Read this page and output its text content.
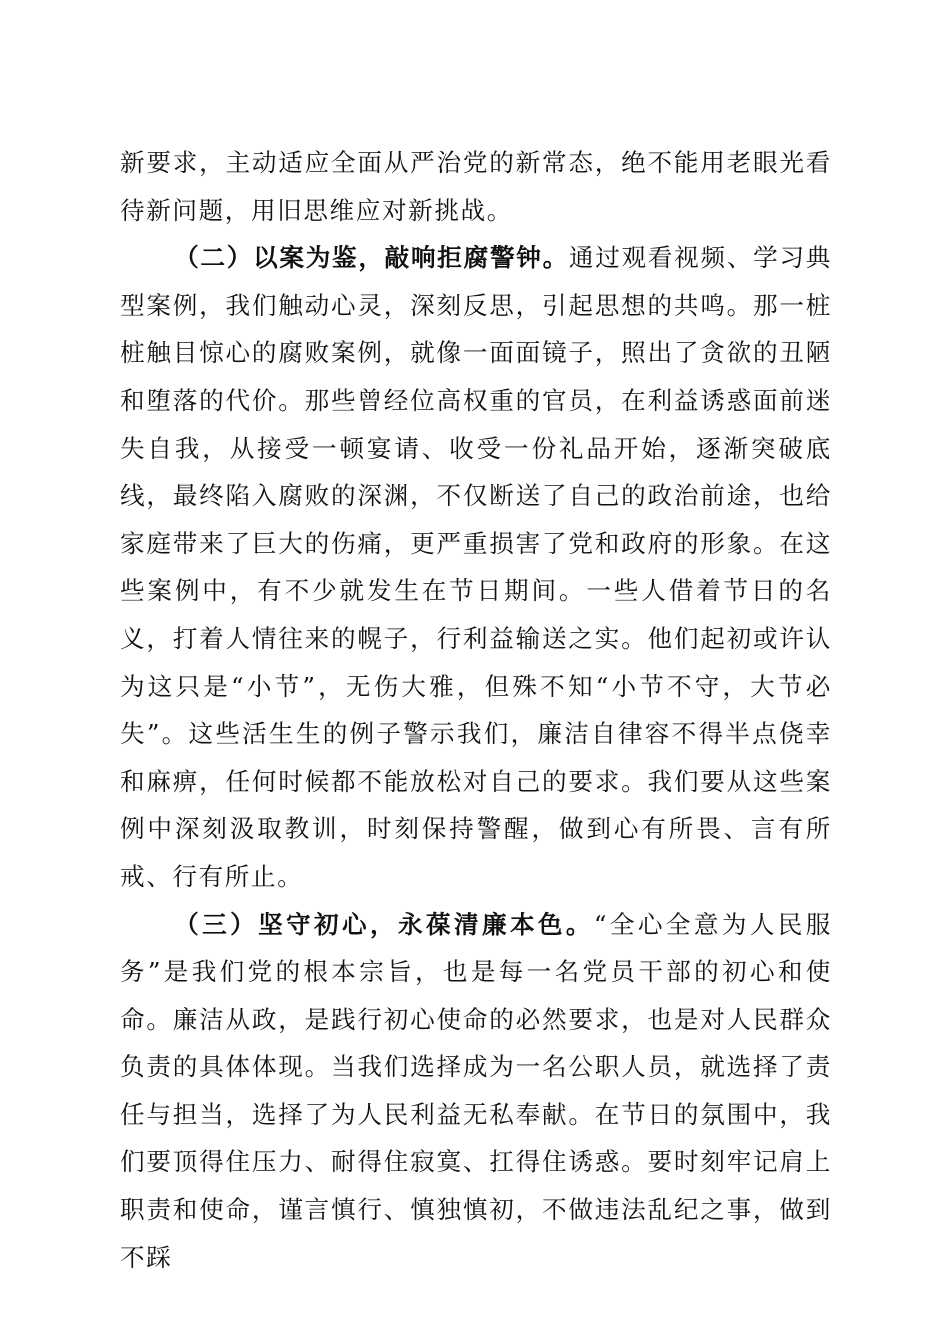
新要求，主动适应全面从严治党的新常态，绝不能用老眼光看待新问题，用旧思维应对新挑战。

（二）以案为鉴，敲响拒腐警钟。通过观看视频、学习典型案例，我们触动心灵，深刻反思，引起思想的共鸣。那一桩桩触目惊心的腐败案例，就像一面面镜子，照出了贪欲的丑陋和堕落的代价。那些曾经位高权重的官员，在利益诱惑面前迷失自我，从接受一顿宴请、收受一份礼品开始，逐渐突破底线，最终陷入腐败的深渊，不仅断送了自己的政治前途，也给家庭带来了巨大的伤痛，更严重损害了党和政府的形象。在这些案例中，有不少就发生在节日期间。一些人借着节日的名义，打着人情往来的幌子，行利益输送之实。他们起初或许认为这只是“小节”，无伤大雅，但殊不知“小节不守，大节必失”。这些活生生的例子警示我们，廉洁自律容不得半点侥幸和麻痹，任何时候都不能放松对自己的要求。我们要从这些案例中深刻汲取教训，时刻保持警醒，做到心有所畏、言有所戒、行有所止。

（三）坚守初心，永葆清廉本色。“全心全意为人民服务”是我们党的根本宗旨，也是每一名党员干部的初心和使命。廉洁从政，是践行初心使命的必然要求，也是对人民群众负责的具体体现。当我们选择成为一名公职人员，就选择了责任与担当，选择了为人民利益无私奉献。在节日的氛围中，我们要顶得住压力、耐得住寂寞、扛得住诱惑。要时刻牢记肩上职责和使命，谨言慎行、慎独慎初，不做违法乱纪之事，做到不踩
